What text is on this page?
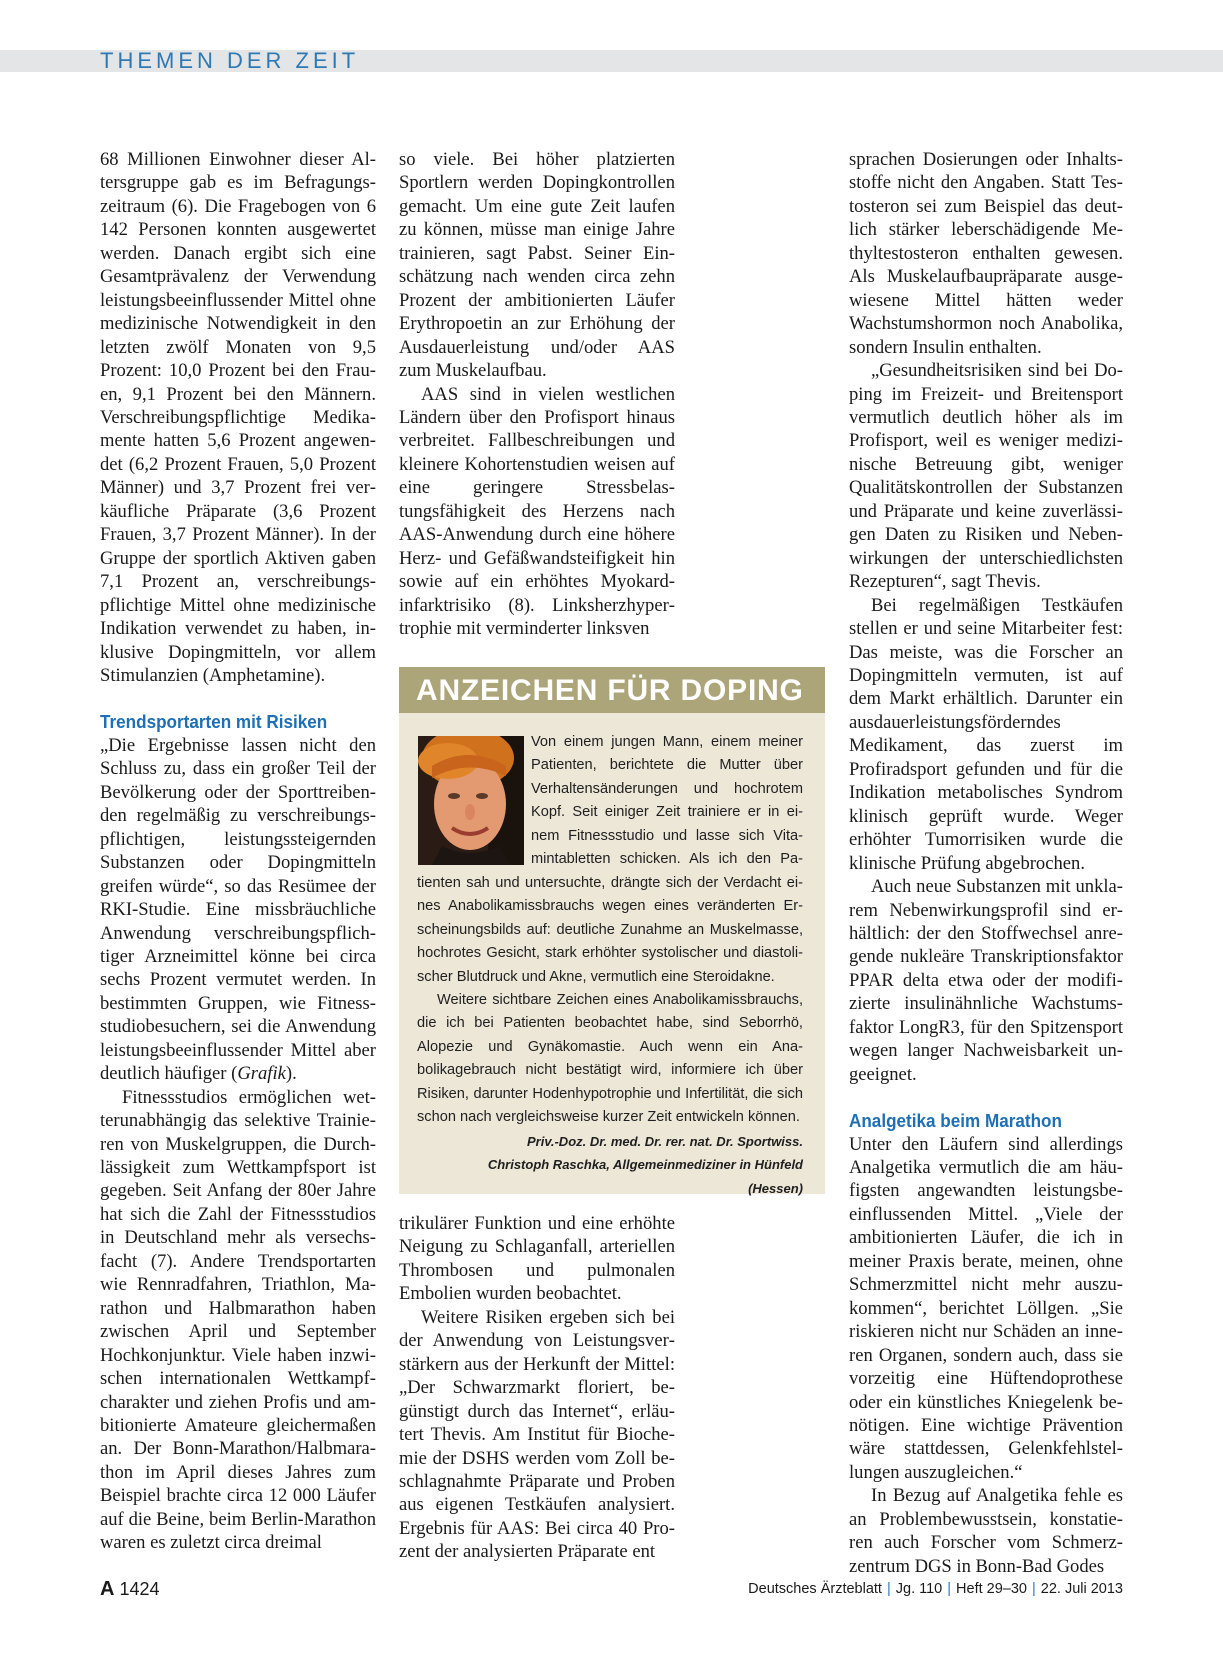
THEMEN DER ZEIT

68 Millionen Einwohner dieser Altersgruppe gab es im Befragungszeitraum (6). Die Fragebogen von 6 142 Personen konnten ausgewertet werden. Danach ergibt sich eine Gesamtprävalenz der Verwendung leistungsbeeinflussender Mittel ohne medizinische Notwendigkeit in den letzten zwölf Monaten von 9,5 Prozent: 10,0 Prozent bei den Frauen, 9,1 Prozent bei den Männern. Verschreibungspflichtige Medikamente hatten 5,6 Prozent angewendet (6,2 Prozent Frauen, 5,0 Prozent Männer) und 3,7 Prozent frei verkäufliche Präparate (3,6 Prozent Frauen, 3,7 Prozent Männer). In der Gruppe der sportlich Aktiven gaben 7,1 Prozent an, verschreibungspflichtige Mittel ohne medizinische Indikation verwendet zu haben, inklusive Dopingmitteln, vor allem Stimulanzien (Amphetamine).

Trendsportarten mit Risiken

„Die Ergebnisse lassen nicht den Schluss zu, dass ein großer Teil der Bevölkerung oder der Sporttreibenden regelmäßig zu verschreibungspflichtigen, leistungssteigernden Substanzen oder Dopingmitteln greifen würde“, so das Resümee der RKI-Studie. Eine missbräuchliche Anwendung verschreibungspflichtiger Arzneimittel könne bei circa sechs Prozent vermutet werden. In bestimmten Gruppen, wie Fitnessstudiobesuchern, sei die Anwendung leistungsbeeinflussender Mittel aber deutlich häufiger (Grafik).

Fitnessstudios ermöglichen wetterunabhängig das selektive Trainieren von Muskelgruppen, die Durchlässigkeit zum Wettkampfsport ist gegeben. Seit Anfang der 80er Jahre hat sich die Zahl der Fitnessstudios in Deutschland mehr als versechsfacht (7). Andere Trendsportarten wie Rennradfahren, Triathlon, Marathon und Halbmarathon haben zwischen April und September Hochkonjunktur. Viele haben inzwischen internationalen Wettkampfcharakter und ziehen Profis und ambitionierte Amateure gleichermaßen an. Der Bonn-Marathon/Halbmarathon im April dieses Jahres zum Beispiel brachte circa 12 000 Läufer auf die Beine, beim Berlin-Marathon waren es zuletzt circa dreimal

so viele. Bei höher platzierten Sportlern werden Dopingkontrollen gemacht. Um eine gute Zeit laufen zu können, müsse man einige Jahre trainieren, sagt Pabst. Seiner Einschätzung nach wenden circa zehn Prozent der ambitionierten Läufer Erythropoetin an zur Erhöhung der Ausdauerleistung und/oder AAS zum Muskelaufbau.

AAS sind in vielen westlichen Ländern über den Profisport hinaus verbreitet. Fallbeschreibungen und kleinere Kohortenstudien weisen auf eine geringere Stressbelastungsfähigkeit des Herzens nach AAS-Anwendung durch eine höhere Herz- und Gefäßwandsteifigkeit hin sowie auf ein erhöhtes Myokardinfarktrisiko (8). Linksherzhypertrophie mit verminderter linksven

ANZEICHEN FÜR DOPING

Von einem jungen Mann, einem meiner Patienten, berichtete die Mutter über Verhaltensänderungen und hochrotem Kopf. Seit einiger Zeit trainiere er in einem Fitnessstudio und lasse sich Vitamintabletten schicken. Als ich den Patienten sah und untersuchte, drängte sich der Verdacht eines Anabolikamissbrauchs wegen eines veränderten Erscheinungsbilds auf: deutliche Zunahme an Muskelmasse, hochrotes Gesicht, stark erhöhter systolischer und diastolischer Blutdruck und Akne, vermutlich eine Steroidakne.

Weitere sichtbare Zeichen eines Anabolikamissbrauchs, die ich bei Patienten beobachtet habe, sind Seborrhö, Alopezie und Gynäkomastie. Auch wenn ein Anabolikagebrauch nicht bestätigt wird, informiere ich über Risiken, darunter Hodenhypotrophie und Infertilität, die sich schon nach vergleichsweise kurzer Zeit entwickeln können.
Priv.-Doz. Dr. med. Dr. rer. nat. Dr. Sportwiss.
Christoph Raschka, Allgemeinmediziner in Hünfeld (Hessen)

trikulärer Funktion und eine erhöhte Neigung zu Schlaganfall, arteriellen Thrombosen und pulmonalen Embolien wurden beobachtet.

Weitere Risiken ergeben sich bei der Anwendung von Leistungsverstärkern aus der Herkunft der Mittel: „Der Schwarzmarkt floriert, begünstigt durch das Internet“, erläutert Thevis. Am Institut für Biochemie der DSHS werden vom Zoll beschlagnahmte Präparate und Proben aus eigenen Testkäufen analysiert. Ergebnis für AAS: Bei circa 40 Prozent der analysierten Präparate ent

sprachen Dosierungen oder Inhaltsstoffe nicht den Angaben. Statt Testosteron sei zum Beispiel das deutlich stärker leberschädigende Methyltestosteron enthalten gewesen. Als Muskelaufbaupräparate ausgewiesene Mittel hätten weder Wachstumshormon noch Anabolika, sondern Insulin enthalten.

„Gesundheitsrisiken sind bei Doping im Freizeit- und Breitensport vermutlich deutlich höher als im Profisport, weil es weniger medizinische Betreuung gibt, weniger Qualitätskontrollen der Substanzen und Präparate und keine zuverlässigen Daten zu Risiken und Nebenwirkungen der unterschiedlichsten Rezepturen“, sagt Thevis.

Bei regelmäßigen Testkäufen stellen er und seine Mitarbeiter fest: Das meiste, was die Forscher an Dopingmitteln vermuten, ist auf dem Markt erhältlich. Darunter ein ausdauerleistungsförderndes Medikament, das zuerst im Profiradsport gefunden und für die Indikation metabolisches Syndrom klinisch geprüft wurde. Weger erhöhter Tumorrisiken wurde die klinische Prüfung abgebrochen.

Auch neue Substanzen mit unklarem Nebenwirkungsprofil sind erhältlich: der den Stoffwechsel anregende nukleäre Transkriptionsfaktor PPAR delta etwa oder der modifizierte insulinähnliche Wachstumsfaktor LongR3, für den Spitzensport wegen langer Nachweisbarkeit ungeeignet.

Analgetika beim Marathon

Unter den Läufern sind allerdings Analgetika vermutlich die am häufigsten angewandten leistungsbeeinflussenden Mittel. „Viele der ambitionierten Läufer, die ich in meiner Praxis berate, meinen, ohne Schmerzmittel nicht mehr auszukommen“, berichtet Löllgen. „Sie riskieren nicht nur Schäden an inneren Organen, sondern auch, dass sie vorzeitig eine Hüftendoprothese oder ein künstliches Kniegelenk benötigen. Eine wichtige Prävention wäre stattdessen, Gelenkfehlstellungen auszugleichen.“

In Bezug auf Analgetika fehle es an Problembewusstsein, konstatieren auch Forscher vom Schmerzzentrum DGS in Bonn-Bad Godes

A 1424	Deutsches Ärzteblatt | Jg. 110 | Heft 29–30 | 22. Juli 2013
